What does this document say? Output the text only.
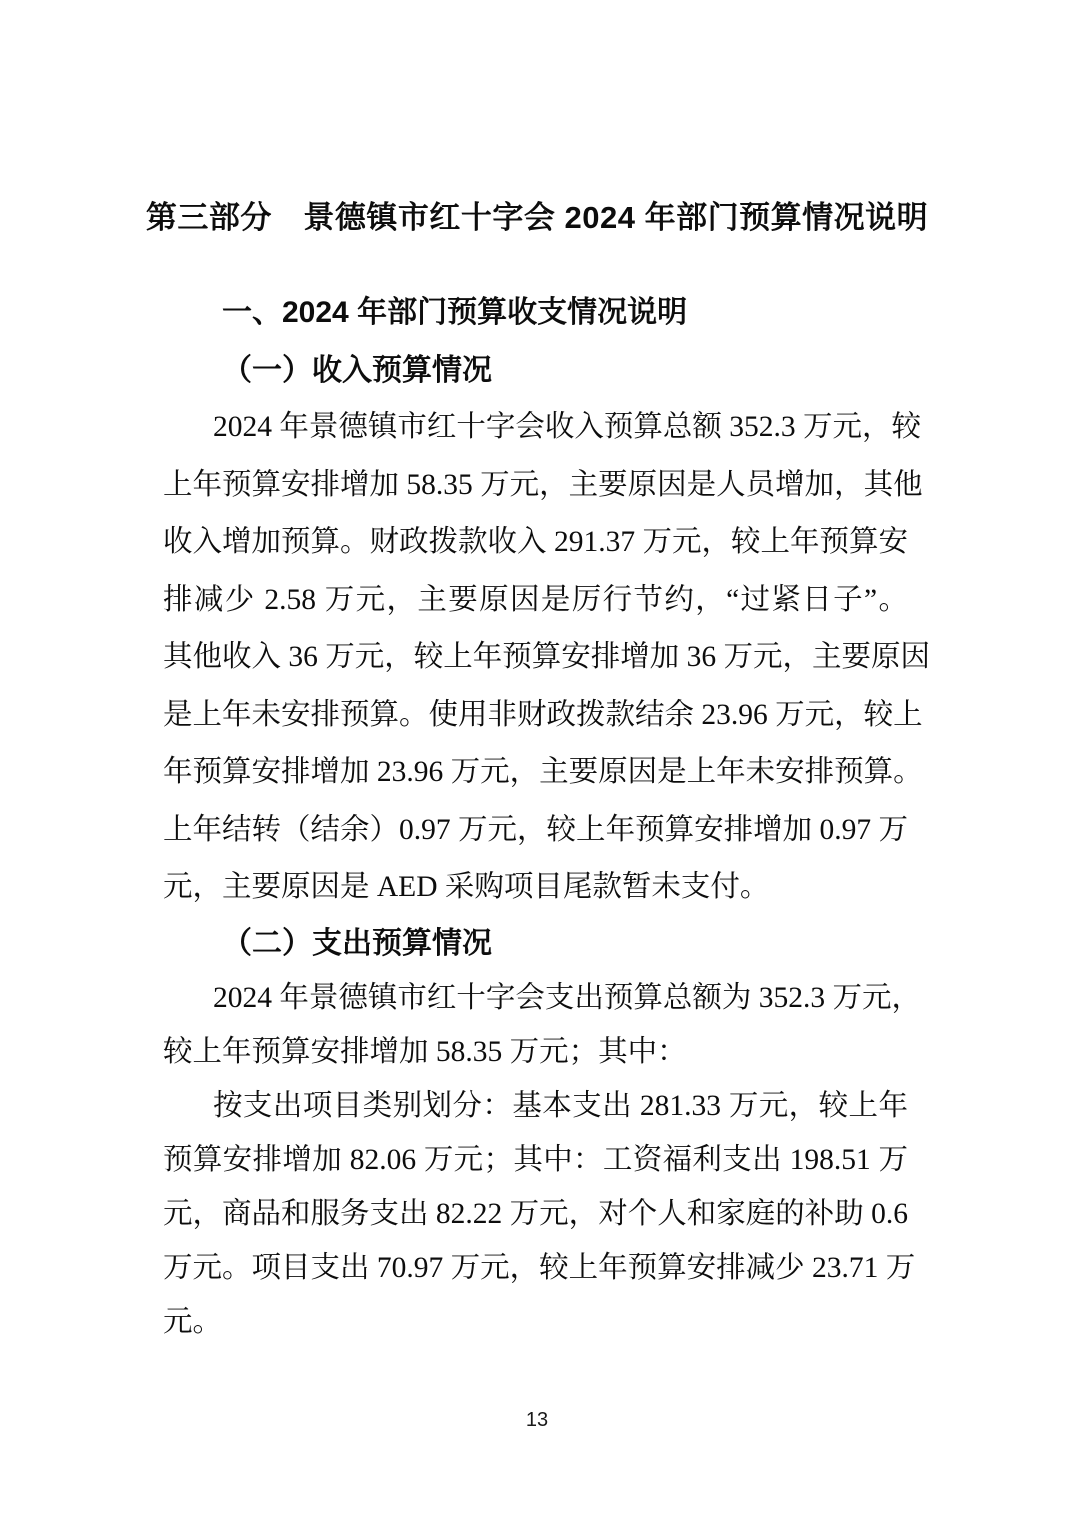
第三部分　景德镇市红十字会 2024 年部门预算情况说明
一、2024 年部门预算收支情况说明
（一）收入预算情况
2024 年景德镇市红十字会收入预算总额 352.3 万元，较
上年预算安排增加 58.35 万元，主要原因是人员增加，其他
收入增加预算。财政拨款收入 291.37 万元，较上年预算安
排减少 2.58 万元，主要原因是厉行节约，“过紧日子”。
其他收入 36 万元，较上年预算安排增加 36 万元，主要原因
是上年未安排预算。使用非财政拨款结余 23.96 万元，较上
年预算安排增加 23.96 万元，主要原因是上年未安排预算。
上年结转（结余）0.97 万元，较上年预算安排增加 0.97 万
元，主要原因是 AED 采购项目尾款暂未支付。
（二）支出预算情况
2024 年景德镇市红十字会支出预算总额为 352.3 万元，
较上年预算安排增加 58.35 万元；其中：
按支出项目类别划分：基本支出 281.33 万元，较上年
预算安排增加 82.06 万元；其中：工资福利支出 198.51 万
元，商品和服务支出 82.22 万元，对个人和家庭的补助 0.6
万元。项目支出 70.97 万元，较上年预算安排减少 23.71 万
元。
13
